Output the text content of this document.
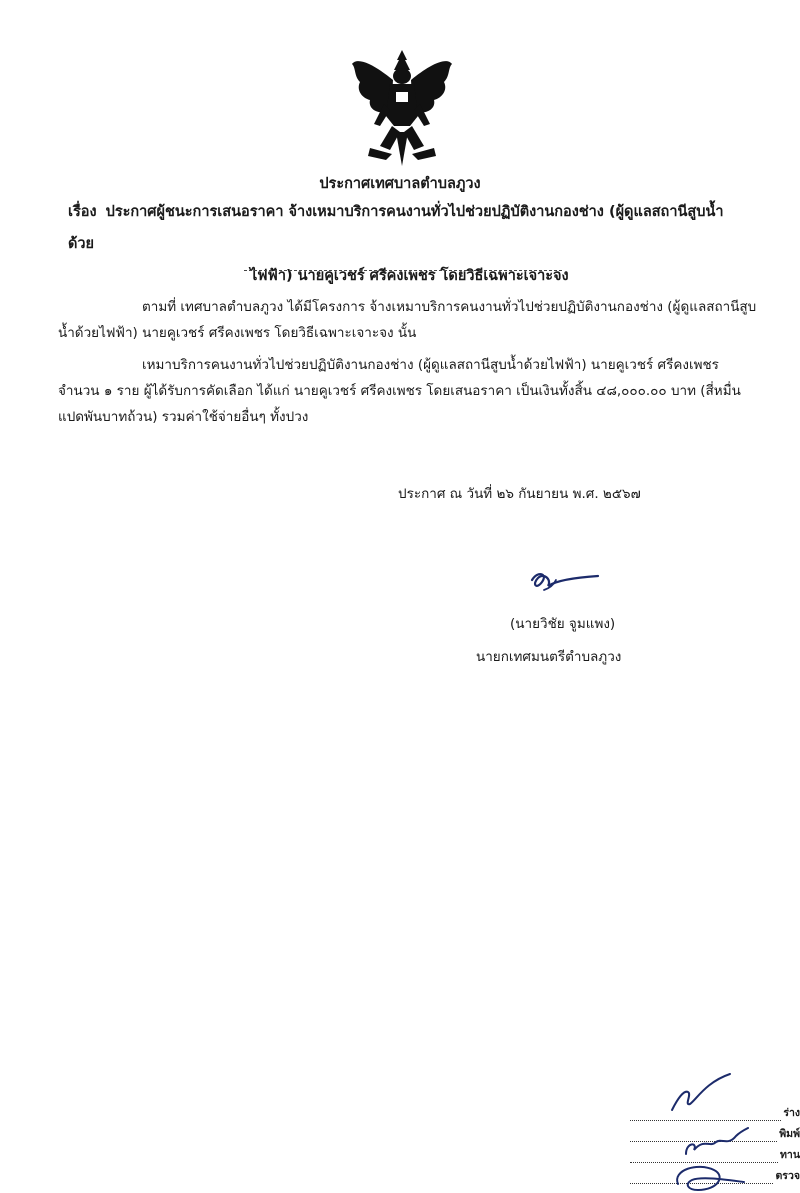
ประกาศเทศบาลตำบลภูวง
เรื่อง ประกาศผู้ชนะการเสนอราคา จ้างเหมาบริการคนงานทั่วไปช่วยปฏิบัติงานกองช่าง (ผู้ดูแลสถานีสูบน้ำด้วย
ไฟฟ้า) นายคูเวชร์ ศรีคงเพชร โดยวิธีเฉพาะเจาะจง
ตามที่ เทศบาลตำบลภูวง ได้มีโครงการ จ้างเหมาบริการคนงานทั่วไปช่วยปฏิบัติงานกองช่าง (ผู้ดูแลสถานีสูบน้ำด้วยไฟฟ้า) นายคูเวชร์ ศรีคงเพชร โดยวิธีเฉพาะเจาะจง นั้น
เหมาบริการคนงานทั่วไปช่วยปฏิบัติงานกองช่าง (ผู้ดูแลสถานีสูบน้ำด้วยไฟฟ้า) นายคูเวชร์ ศรีคงเพชร จำนวน ๑ ราย ผู้ได้รับการคัดเลือก ได้แก่ นายคูเวชร์ ศรีคงเพชร โดยเสนอราคา เป็นเงินทั้งสิ้น ๔๘,๐๐๐.๐๐ บาท (สี่หมื่นแปดพันบาทถ้วน) รวมค่าใช้จ่ายอื่นๆ ทั้งปวง
ประกาศ ณ วันที่ ๒๖ กันยายน พ.ศ. ๒๕๖๗
(นายวิชัย จูมแพง)
นายกเทศมนตรีตำบลภูวง
ร่าง
พิมพ์
ทาน
ตรวจ
